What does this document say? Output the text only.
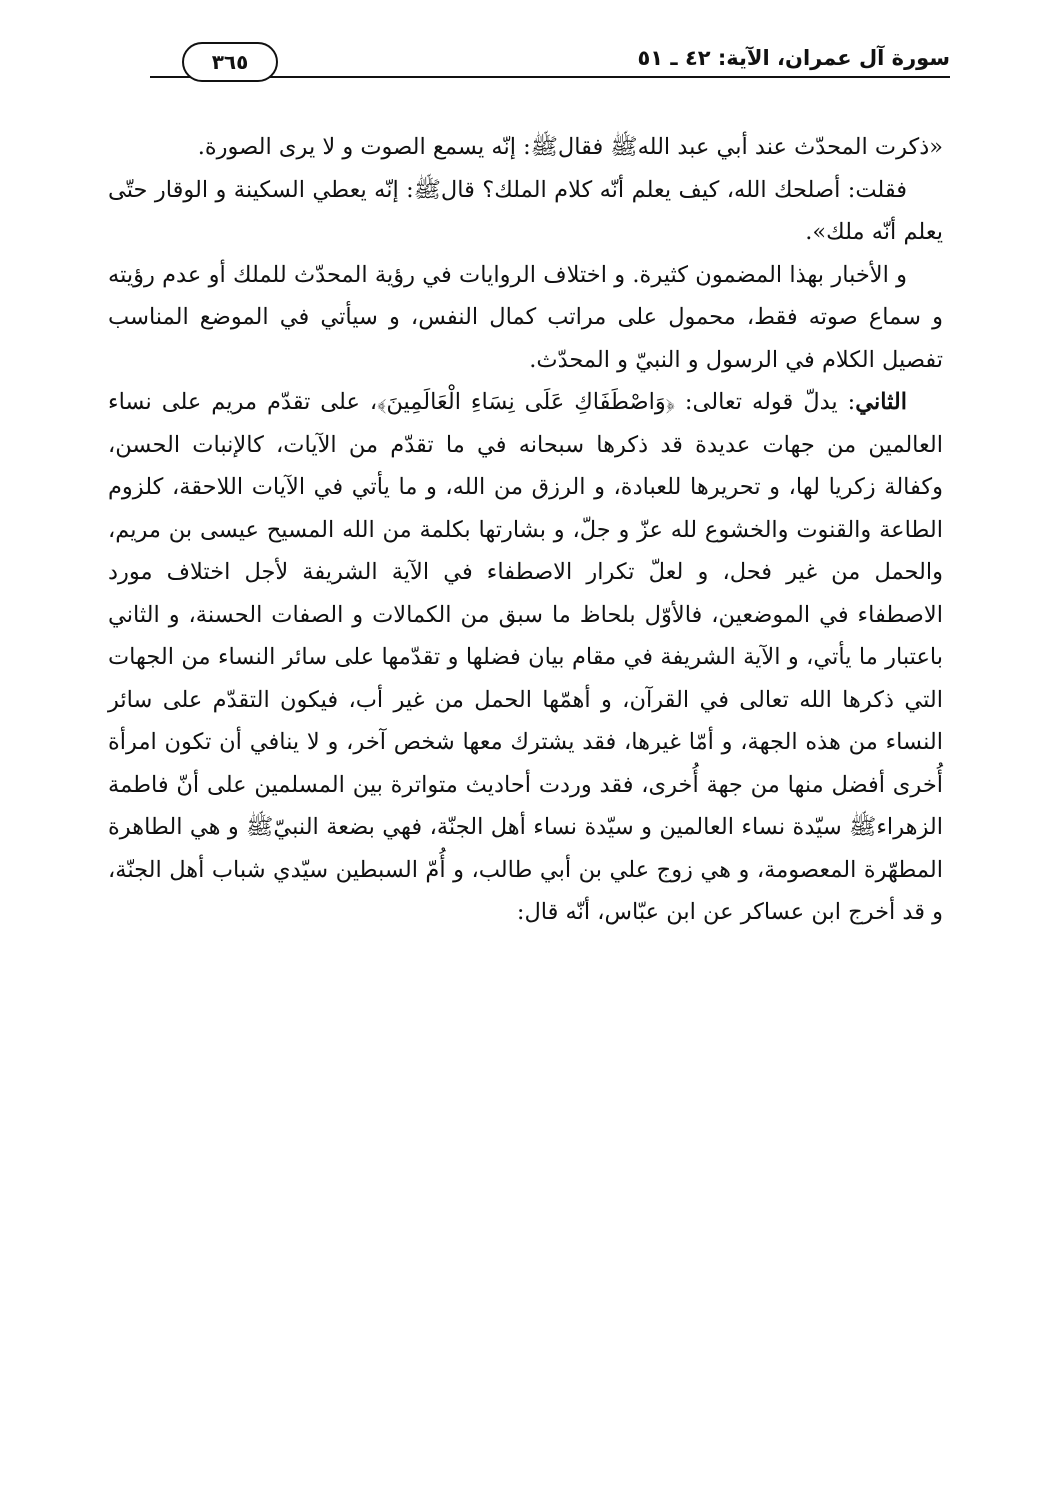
سورة آل عمران، الآية: ٤٢ ـ ٥١
٣٦٥

«ذكرت المحدّث عند أبي عبد اللهﷺ فقالﷺ: إنّه يسمع الصوت و لا يرى الصورة.

فقلت: أصلحك الله، كيف يعلم أنّه كلام الملك؟ قالﷺ: إنّه يعطي السكينة و الوقار حتّى يعلم أنّه ملك».

و الأخبار بهذا المضمون كثيرة. و اختلاف الروايات في رؤية المحدّث للملك أو عدم رؤيته و سماع صوته فقط، محمول على مراتب كمال النفس، و سيأتي في الموضع المناسب تفصيل الكلام في الرسول و النبيّ و المحدّث.

الثاني: يدلّ قوله تعالى: ﴿وَاصْطَفَاكِ عَلَى نِسَاءِ الْعَالَمِينَ﴾، على تقدّم مريم على نساء العالمين من جهات عديدة قد ذكرها سبحانه في ما تقدّم من الآيات، كالإنبات الحسن، وكفالة زكريا لها، و تحريرها للعبادة، و الرزق من الله، و ما يأتي في الآيات اللاحقة، كلزوم الطاعة والقنوت والخشوع لله عزّ و جلّ، و بشارتها بكلمة من الله المسيح عيسى بن مريم، والحمل من غير فحل، و لعلّ تكرار الاصطفاء في الآية الشريفة لأجل اختلاف مورد الاصطفاء في الموضعين، فالأوّل بلحاظ ما سبق من الكمالات و الصفات الحسنة، و الثاني باعتبار ما يأتي، و الآية الشريفة في مقام بيان فضلها و تقدّمها على سائر النساء من الجهات التي ذكرها الله تعالى في القرآن، و أهمّها الحمل من غير أب، فيكون التقدّم على سائر النساء من هذه الجهة، و أمّا غيرها، فقد يشترك معها شخص آخر، و لا ينافي أن تكون امرأة أُخرى أفضل منها من جهة أُخرى، فقد وردت أحاديث متواترة بين المسلمين على أنّ فاطمة الزهراءﷺ سيّدة نساء العالمين و سيّدة نساء أهل الجنّة، فهي بضعة النبيّﷺ و هي الطاهرة المطهّرة المعصومة، و هي زوج علي بن أبي طالب، و أُمّ السبطين سيّدي شباب أهل الجنّة، و قد أخرج ابن عساكر عن ابن عبّاس، أنّه قال:
